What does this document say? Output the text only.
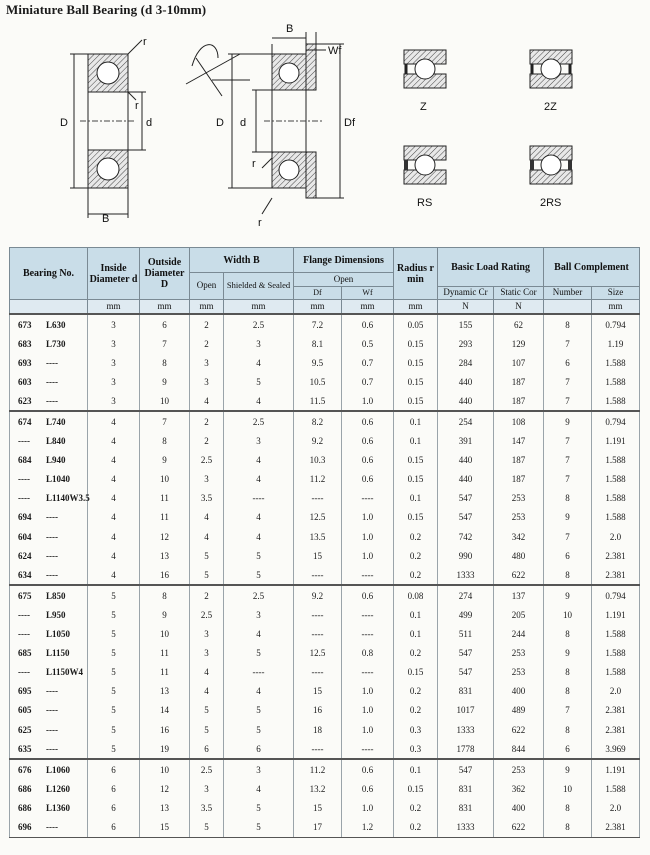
Miniature Ball Bearing (d 3-10mm)
r
r
D	d
B
B
Wf
D d	Df
r
r
Z	2Z
RS	2RS
Bearing No.	Inside Diameter d	Outside Diameter D	Width B		Flange Dimensions		Radius r min	Basic Load Rating		Ball Complement	
			Open	Shielded & Sealed	Open						
					Df	Wf		Dynamic Cr	Static Cor	Number	Size
	mm	mm	mm	mm	mm	mm	mm	N	N		mm
673 L630	3	6	2	2.5	7.2	0.6	0.05	155	62	8	0.794
683 L730	3	7	2	3	8.1	0.5	0.15	293	129	7	1.19
693 ----	3	8	3	4	9.5	0.7	0.15	284	107	6	1.588
603 ----	3	9	3	5	10.5	0.7	0.15	440	187	7	1.588
623 ----	3	10	4	4	11.5	1.0	0.15	440	187	7	1.588
674 L740	4	7	2	2.5	8.2	0.6	0.1	254	108	9	0.794
---- L840	4	8	2	3	9.2	0.6	0.1	391	147	7	1.191
684 L940	4	9	2.5	4	10.3	0.6	0.15	440	187	7	1.588
---- L1040	4	10	3	4	11.2	0.6	0.15	440	187	7	1.588
---- L1140W3.5	4	11	3.5	----	----	----	0.1	547	253	8	1.588
694 ----	4	11	4	4	12.5	1.0	0.15	547	253	9	1.588
604 ----	4	12	4	4	13.5	1.0	0.2	742	342	7	2.0
624 ----	4	13	5	5	15	1.0	0.2	990	480	6	2.381
634 ----	4	16	5	5	----	----	0.2	1333	622	8	2.381
675 L850	5	8	2	2.5	9.2	0.6	0.08	274	137	9	0.794
---- L950	5	9	2.5	3	----	----	0.1	499	205	10	1.191
---- L1050	5	10	3	4	----	----	0.1	511	244	8	1.588
685 L1150	5	11	3	5	12.5	0.8	0.2	547	253	9	1.588
---- L1150W4	5	11	4	----	----	----	0.15	547	253	8	1.588
695 ----	5	13	4	4	15	1.0	0.2	831	400	8	2.0
605 ----	5	14	5	5	16	1.0	0.2	1017	489	7	2.381
625 ----	5	16	5	5	18	1.0	0.3	1333	622	8	2.381
635 ----	5	19	6	6	----	----	0.3	1778	844	6	3.969
676 L1060	6	10	2.5	3	11.2	0.6	0.1	547	253	9	1.191
686 L1260	6	12	3	4	13.2	0.6	0.15	831	362	10	1.588
686 L1360	6	13	3.5	5	15	1.0	0.2	831	400	8	2.0
696 ----	6	15	5	5	17	1.2	0.2	1333	622	8	2.381
